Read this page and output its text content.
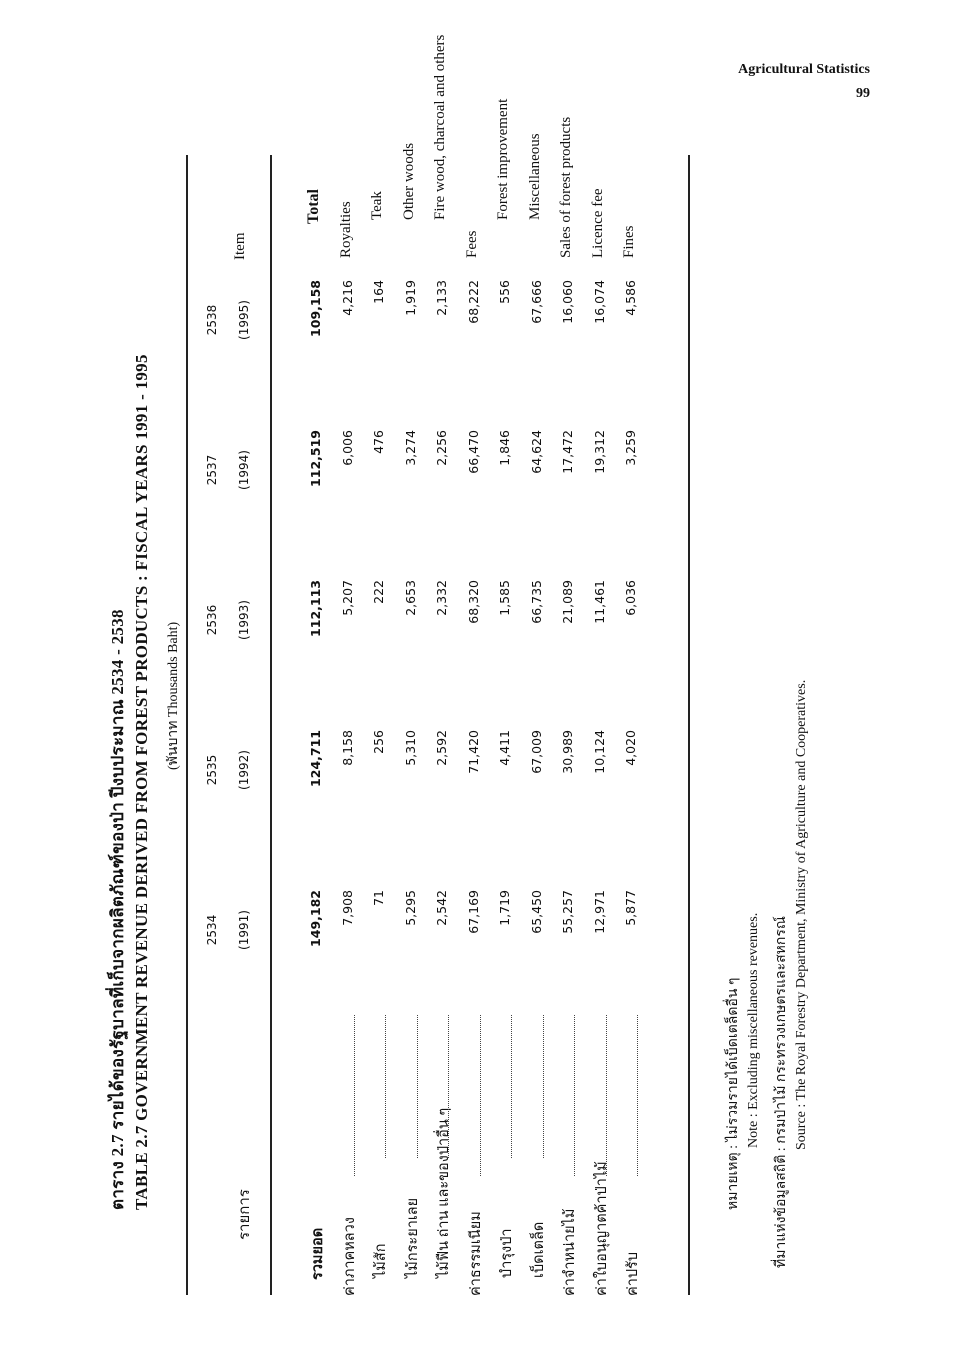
Agricultural Statistics
99
ตาราง 2.7 รายได้ของรัฐบาลที่เก็บจากผลิตภัณฑ์ของป่า ปีงบประมาณ 2534 - 2538 TABLE 2.7 GOVERNMENT REVENUE DERIVED FROM FOREST PRODUCTS : FISCAL YEARS 1991 - 1995 (พันบาท Thousands Baht)
รายการ
Item
2534 (1991)
2535 (1992)
2536 (1993)
2537 (1994)
2538 (1995)
รวมยอด
149,182
124,711
112,113
112,519
109,158
Total
ค่าภาคหลวง
7,908
8,158
5,207
6,006
4,216
Royalties
ไม้สัก
71
256
222
476
164
Teak
ไม้กระยาเลย
5,295
5,310
2,653
3,274
1,919
Other woods
ไม้ฟืน ถ่าน และของป่าอื่น ๆ
2,542
2,592
2,332
2,256
2,133
Fire wood, charcoal and others
ค่าธรรมเนียม
67,169
71,420
68,320
66,470
68,222
Fees
บำรุงป่า
1,719
4,411
1,585
1,846
556
Forest improvement
เบ็ดเตล็ด
65,450
67,009
66,735
64,624
67,666
Miscellaneous
ค่าจำหน่ายไม้
55,257
30,989
21,089
17,472
16,060
Sales of forest products
ค่าใบอนุญาตค้าป่าไม้
12,971
10,124
11,461
19,312
16,074
Licence fee
ค่าปรับ
5,877
4,020
6,036
3,259
4,586
Fines
หมายเหตุ : ไม่รวมรายได้เบ็ดเตล็ดอื่น ๆ Note : Excluding miscellaneous revenues. ที่มาแห่งข้อมูลสถิติ : กรมป่าไม้ กระทรวงเกษตรและสหกรณ์ Source : The Royal Forestry Department, Ministry of Agriculture and Cooperatives.
